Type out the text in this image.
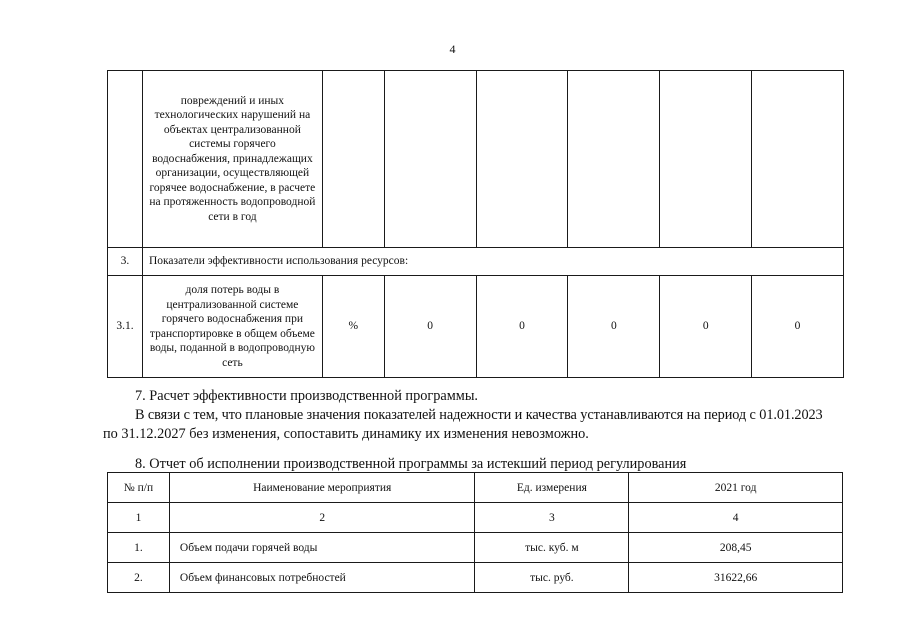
4
	повреждений и иных технологических нарушений на объектах централизованной системы горячего водоснабжения, принадлежащих организации, осуществляющей горячее водоснабжение, в расчете на протяженность водопроводной сети в год						
3.	Показатели эффективности использования ресурсов:						
3.1.	доля потерь воды в централизованной системе горячего водоснабжения при транспортировке в общем объеме воды, поданной в водопроводную сеть	%	0	0	0	0	0
7. Расчет эффективности производственной программы.
В связи с тем, что плановые значения показателей надежности и качества устанавливаются на период с 01.01.2023
по 31.12.2027 без изменения, сопоставить динамику их изменения невозможно.
8. Отчет об исполнении производственной программы за истекший период регулирования
№ п/п	Наименование мероприятия	Ед. измерения	2021 год
1	2	3	4
1.	Объем подачи горячей воды	тыс. куб. м	208,45
2.	Объем финансовых потребностей	тыс. руб.	31622,66
